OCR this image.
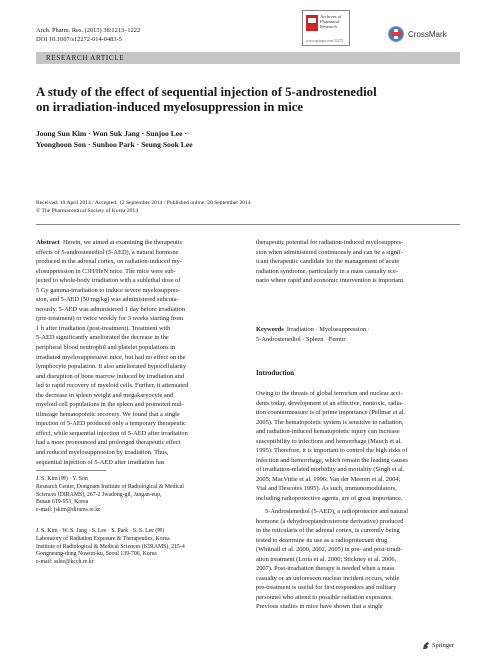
Arch. Pharm. Res. (2015) 38:1213–1222
DOI 10.1007/s12272-014-0483-5
Archives of Pharmacal Research
www.springer.com/12272
CrossMark
RESEARCH ARTICLE
A study of the effect of sequential injection of 5-androstenediol
on irradiation-induced myelosuppression in mice
Joong Sun Kim · Won Suk Jang · Sunjoo Lee ·
Yeonghoon Son · Sunhoo Park · Seung Sook Lee
Received: 10 April 2014 / Accepted: 12 September 2014 / Published online: 20 September 2014
© The Pharmaceutical Society of Korea 2014

Abstract Herein, we aimed at examining the therapeutic

effects of 5-androstenediol (5-AED), a natural hormone

produced in the adrenal cortex, on radiation-induced my-

elosuppression in C3H/HeN mice. The mice were sub-

jected to whole-body irradiation with a sublethal dose of

5 Gy gamma-irradiation to induce severe myelosuppres-

sion, and 5-AED (50 mg/kg) was administered subcuta-

neously. 5-AED was administered 1 day before irradiation

(pre-treatment) or twice weekly for 3 weeks starting from

1 h after irradiation (post-treatment). Treatment with

5-AED significantly ameliorated the decrease in the

peripheral blood neutrophil and platelet populations in

irradiated myelosuppressive mice, but had no effect on the

lymphocyte population. It also ameliorated hypocellularity

and disruption of bone marrow induced by irradiation and

led to rapid recovery of myeloid cells. Further, it attenuated

the decrease in spleen weight and megakaryocyte and

myeloid cell populations in the spleen and promoted mul-

tilineage hematopoietic recovery. We found that a single

injection of 5-AED produced only a temporary therapeutic

effect, while sequential injection of 5-AED after irradiation

had a more pronounced and prolonged therapeutic effect

and reduced myelosuppression by irradiation. Thus,

sequential injection of 5-AED after irradiation has

J. S. Kim (✉) · Y. Son
Research Center, Dongnam Institute of Radiological & Medical
Sciences (DIRAMS), 267-2 Jwadong-gil, Jangan-eup,
Busan 619-953, Korea
e-mail: jskim@dirams.re.kr
J. S. Kim · W. S. Jang · S. Lee · S. Park · S. S. Lee (✉)
Laboratory of Radiation Exposure & Therapeutics, Korea
Institute of Radiological & Medical Sciences (KIRAMS), 215-4
Gongneung-dong Nowon-ku, Seoul 139-706, Korea
e-mail: sslee@kcch.re.kr

therapeutic potential for radiation-induced myelosuppres-

sion when administered continuously and can be a signif-

icant therapeutic candidate for the management of acute

radiation syndrome, particularly in a mass casualty sce-

nario where rapid and economic intervention is important.

Keywords Irradiation · Myelosuppression ·
5-Androstenediol · Spleen · Femur
Introduction

Owing to the threats of global terrorism and nuclear acci-

dents today, development of an effective, nontoxic, radia-

tion countermeasure is of prime importance (Pellmar et al.

2005). The hematopoietic system is sensitive to radiation,

and radiation-induced hematopoietic injury can increase

susceptibility to infections and hemorrhage (Mauch et al.

1995). Therefore, it is important to control the high risks of

infection and hemorrhage, which remain the leading causes

of irradiation-related morbidity and mortality (Singh et al.

2005; MacVittie et al. 1996; Van der Meeren et al. 2004;

Vial and Descotes 1995). As such, immunomodulators,

including radioprotective agents, are of great importance.

5-Androstenediol (5-AED), a radioprotector and natural

hormone (a dehydroepiandrosterone derivative) produced

in the reticularis of the adrenal cortex, is currently being

tested to determine its use as a radioprotectant drug

(Whitnall et al. 2000, 2002, 2005) in pre- and post-irradi-

ation treatment (Loria et al. 2000; Stickney et al. 2006,

2007). Post-irradiation therapy is needed when a mass

casualty or an unforeseen nuclear incident occurs, while

pre-treatment is useful for first responders and military

personnel who attend to possible radiation exposures.

Previous studies in mice have shown that a single

Springer
